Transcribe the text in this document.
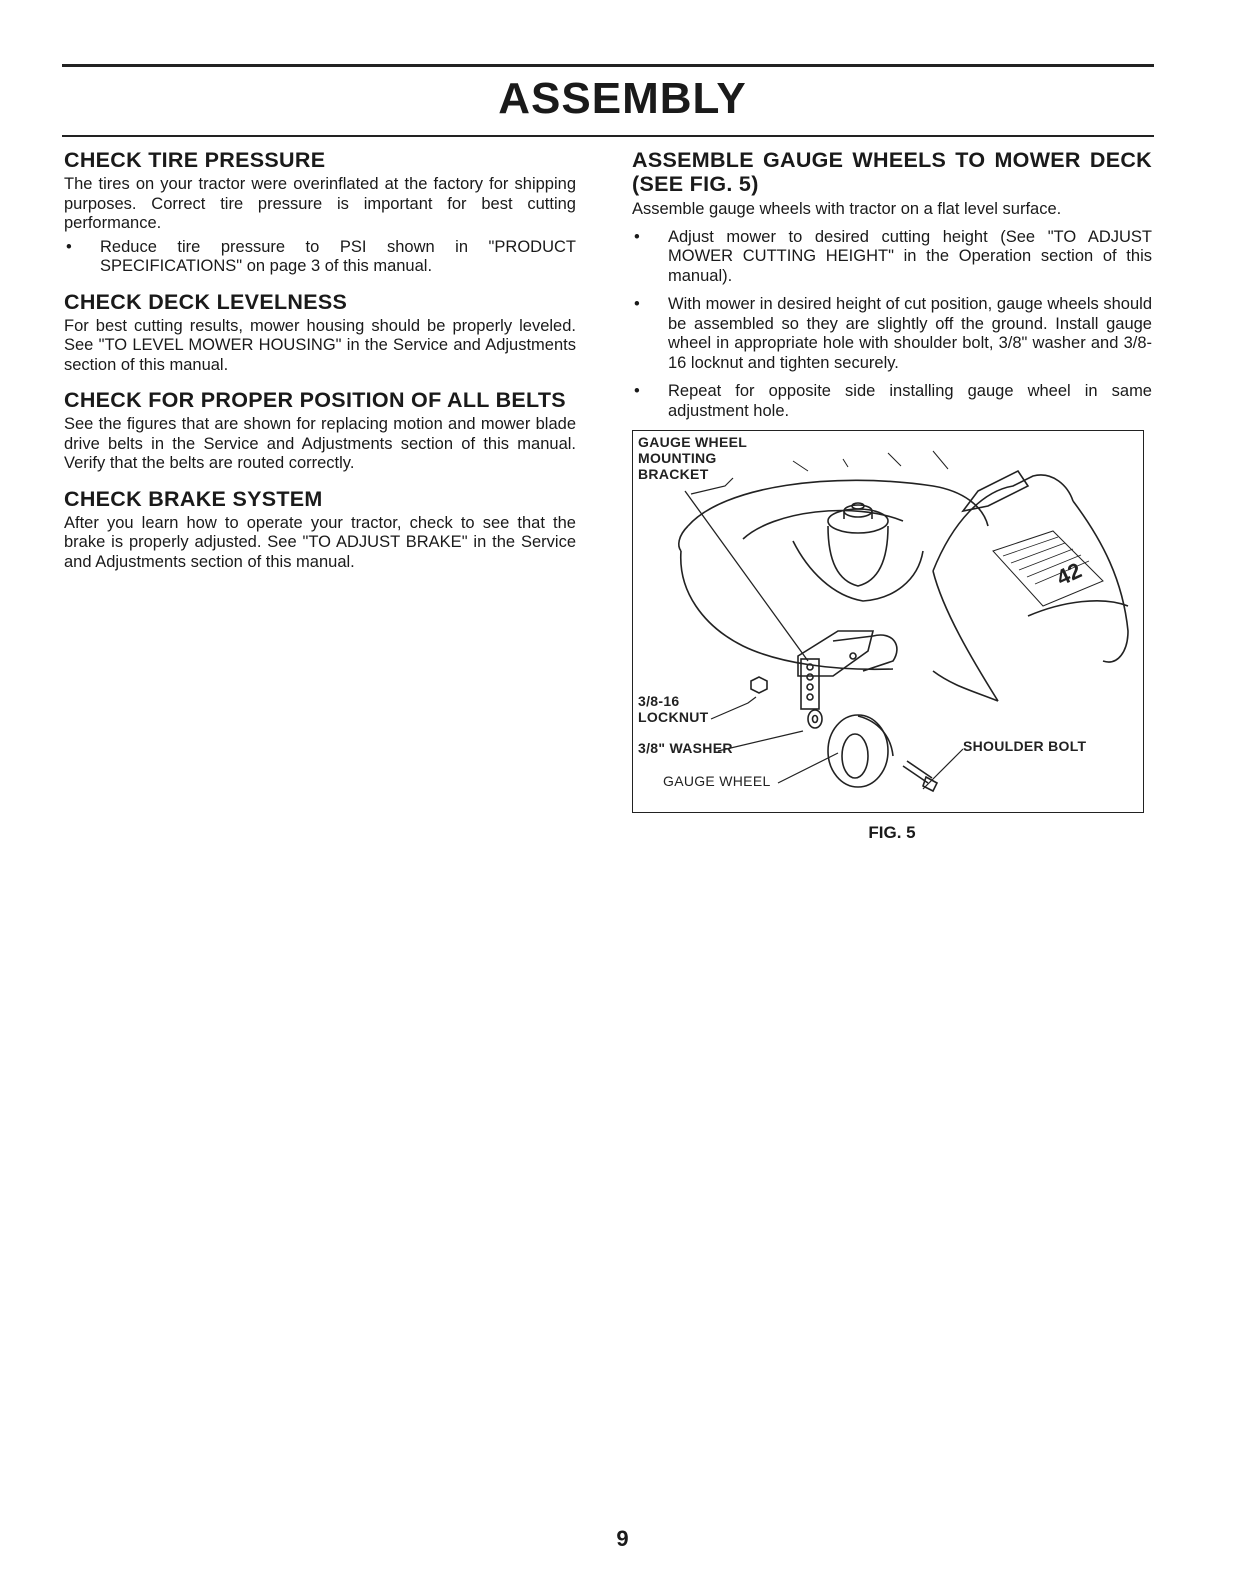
ASSEMBLY
CHECK TIRE PRESSURE

The tires on your tractor were overinflated at the factory for shipping purposes. Correct tire pressure is important for best cutting performance.

• Reduce tire pressure to PSI shown in "PRODUCT SPECIFICATIONS" on page 3 of this manual.
CHECK DECK LEVELNESS

For best cutting results, mower housing should be properly leveled. See "TO LEVEL MOWER HOUSING" in the Service and Adjustments section of this manual.

CHECK FOR PROPER POSITION OF ALL BELTS

See the figures that are shown for replacing motion and mower blade drive belts in the Service and Adjustments section of this manual. Verify that the belts are routed correctly.

CHECK BRAKE SYSTEM

After you learn how to operate your tractor, check to see that the brake is properly adjusted. See "TO ADJUST BRAKE" in the Service and Adjustments section of this manual.

ASSEMBLE GAUGE WHEELS TO MOWER DECK (SEE FIG. 5)

Assemble gauge wheels with tractor on a flat level surface.

• Adjust mower to desired cutting height (See "TO ADJUST MOWER CUTTING HEIGHT" in the Operation section of this manual).
• With mower in desired height of cut position, gauge wheels should be assembled so they are slightly off the ground. Install gauge wheel in appropriate hole with shoulder bolt, 3/8" washer and 3/8-16 locknut and tighten securely.
• Repeat for opposite side installing gauge wheel in same adjustment hole.
42
GAUGE WHEEL
MOUNTING
BRACKET
3/8-16
LOCKNUT
3/8" WASHER
GAUGE WHEEL
SHOULDER BOLT
FIG. 5
9
